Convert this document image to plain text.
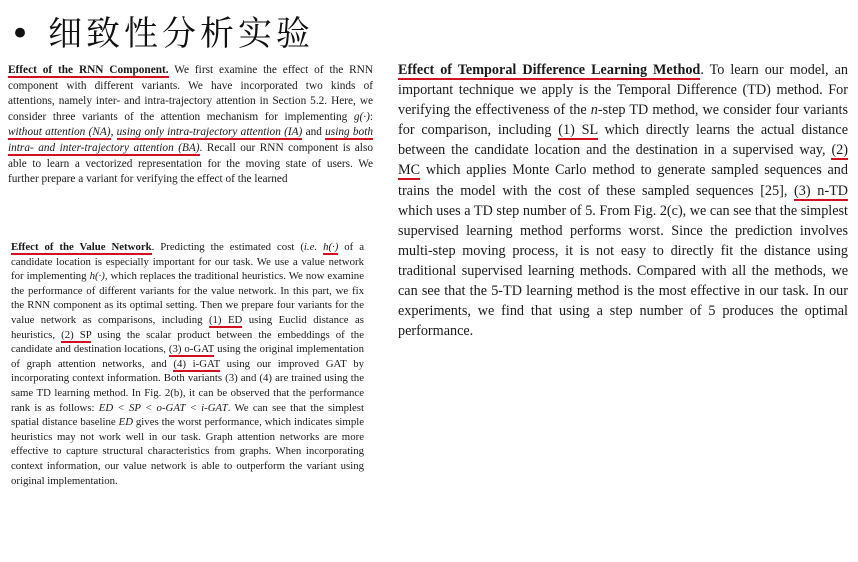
• 细致性分析实验
Effect of the RNN Component. We first examine the effect of the RNN component with different variants. We have incorporated two kinds of attentions, namely inter- and intra-trajectory attention in Section 5.2. Here, we consider three variants of the attention mechanism for implementing g(·): without attention (NA), using only intra-trajectory attention (IA) and using both intra- and inter-trajectory attention (BA). Recall our RNN component is also able to learn a vectorized representation for the moving state of users. We further prepare a variant for verifying the effect of the learned
Effect of the Value Network. Predicting the estimated cost (i.e. h(·) of a candidate location is especially important for our task. We use a value network for implementing h(·), which replaces the traditional heuristics. We now examine the performance of different variants for the value network. In this part, we fix the RNN component as its optimal setting. Then we prepare four variants for the value network as comparisons, including (1) ED using Euclid distance as heuristics, (2) SP using the scalar product between the embeddings of the candidate and destination locations, (3) o-GAT using the original implementation of graph attention networks, and (4) i-GAT using our improved GAT by incorporating context information. Both variants (3) and (4) are trained using the same TD learning method. In Fig. 2(b), it can be observed that the performance rank is as follows: ED < SP < o-GAT < i-GAT. We can see that the simplest spatial distance baseline ED gives the worst performance, which indicates simple heuristics may not work well in our task. Graph attention networks are more effective to capture structural characteristics from graphs. When incorporating context information, our value network is able to outperform the variant using original implementation.
Effect of Temporal Difference Learning Method. To learn our model, an important technique we apply is the Temporal Difference (TD) method. For verifying the effectiveness of the n-step TD method, we consider four variants for comparison, including (1) SL which directly learns the actual distance between the candidate location and the destination in a supervised way, (2) MC which applies Monte Carlo method to generate sampled sequences and trains the model with the cost of these sampled sequences [25], (3) n-TD which uses a TD step number of 5. From Fig. 2(c), we can see that the simplest supervised learning method performs worst. Since the prediction involves multi-step moving process, it is not easy to directly fit the distance using traditional supervised learning methods. Compared with all the methods, we can see that the 5-TD learning method is the most effective in our task. In our experiments, we find that using a step number of 5 produces the optimal performance.
